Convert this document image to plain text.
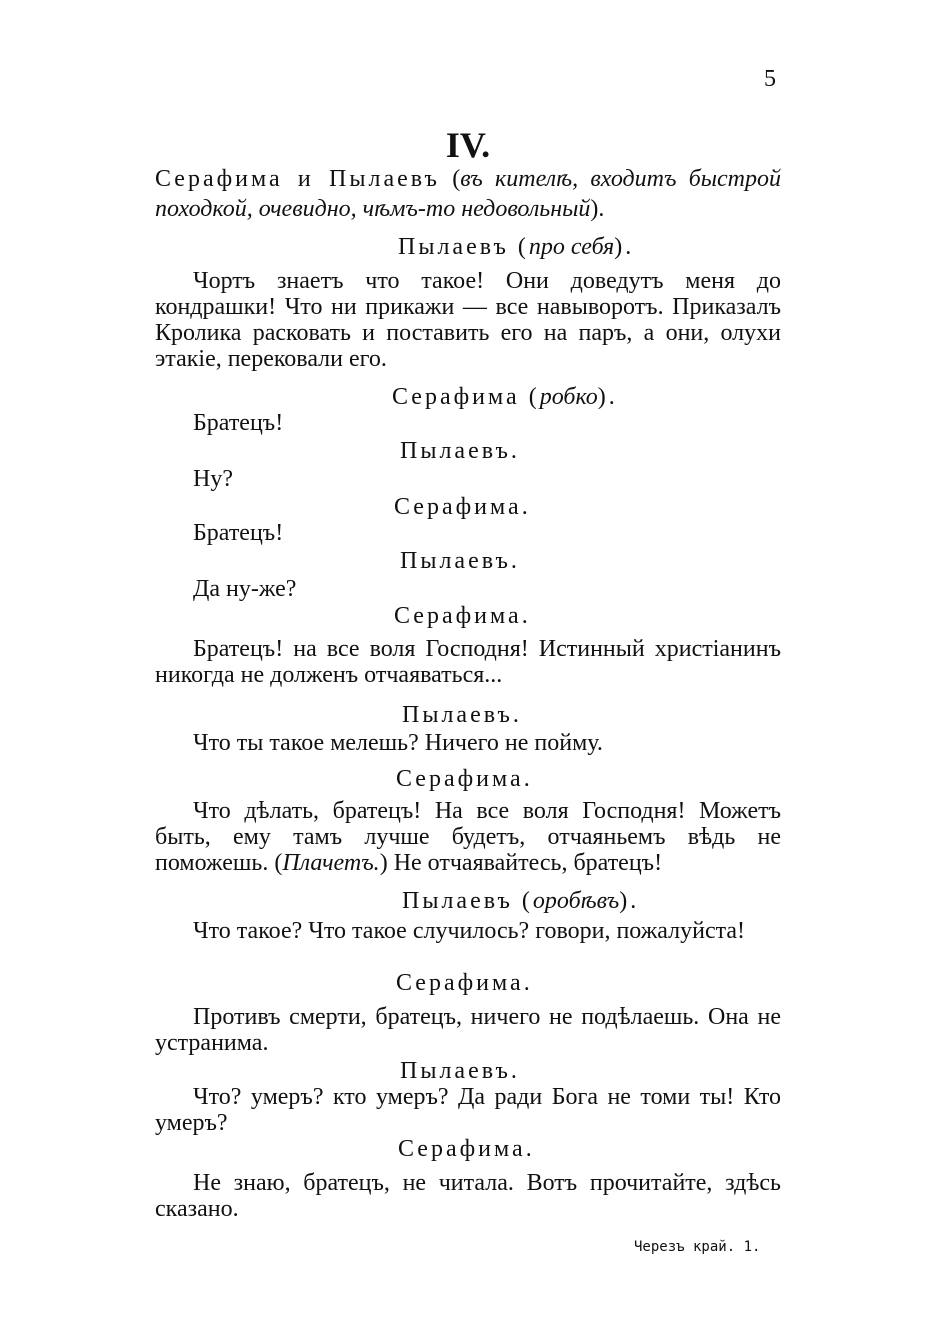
5
IV.
Серафима и Пылаевъ (въ кителѣ, входитъ быстрой походкой, очевидно, чѣмъ-то недовольный).
Пылаевъ (про себя).
Чортъ знаетъ что такое! Они доведутъ меня до кондрашки! Что ни прикажи — все навыворотъ. Приказалъ Кролика расковать и поставить его на паръ, а они, олухи этакіе, перековали его.
Серафима (робко).
Братецъ!
Пылаевъ.
Ну?
Серафима.
Братецъ!
Пылаевъ.
Да ну-же?
Серафима.
Братецъ! на все воля Господня! Истинный христіанинъ никогда не долженъ отчаяваться...
Пылаевъ.
Что ты такое мелешь? Ничего не пойму.
Серафима.
Что дѣлать, братецъ! На все воля Господня! Можетъ быть, ему тамъ лучше будетъ, отчаяньемъ вѣдь не поможешь. (Плачетъ.) Не отчаявайтесь, братецъ!
Пылаевъ (оробѣвъ).
Что такое? Что такое случилось? говори, пожалуйста!
Серафима.
Противъ смерти, братецъ, ничего не подѣлаешь. Она не устранима.
Пылаевъ.
Что? умеръ? кто умеръ? Да ради Бога не томи ты! Кто умеръ?
Серафима.
Не знаю, братецъ, не читала. Вотъ прочитайте, здѣсь сказано.
Черезъ край. 1.
